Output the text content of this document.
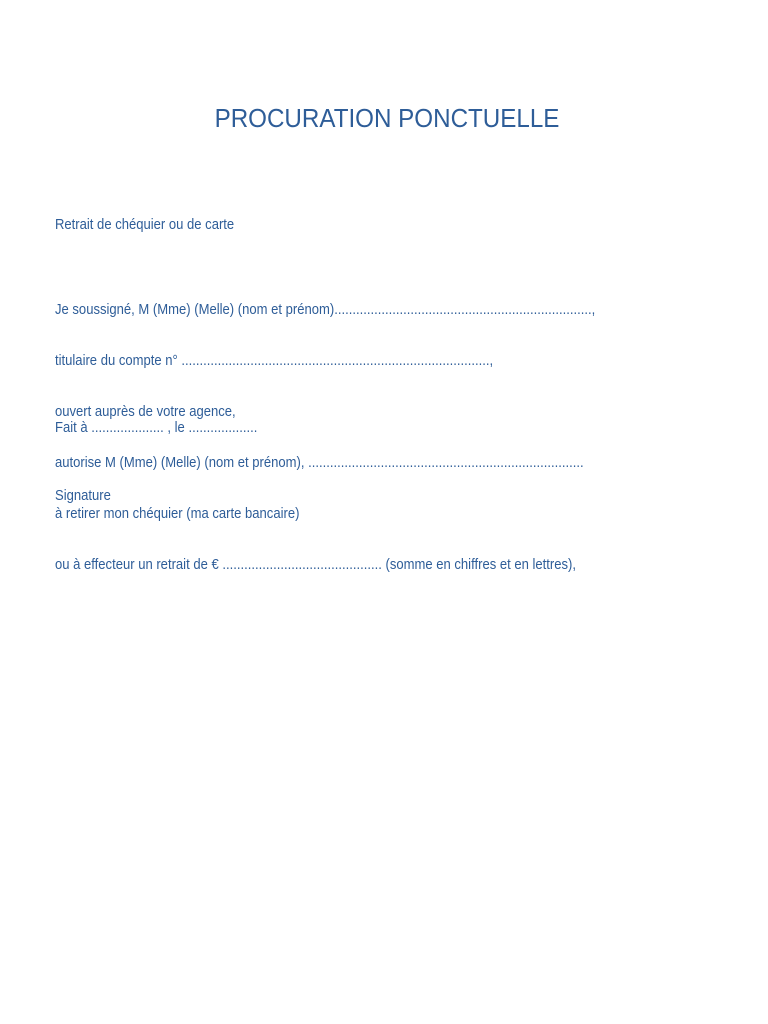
PROCURATION PONCTUELLE

Retrait de chéquier ou de carte

Je soussigné, M (Mme) (Melle) (nom et prénom).......................................................................,

titulaire du compte n° .....................................................................................,

ouvert auprès de votre agence,

autorise M (Mme) (Melle) (nom et prénom), ............................................................................

à retirer mon chéquier (ma carte bancaire)

ou à effecteur un retrait de € ............................................ (somme en chiffres et en lettres),

Fait à .................... , le ...................

Signature
